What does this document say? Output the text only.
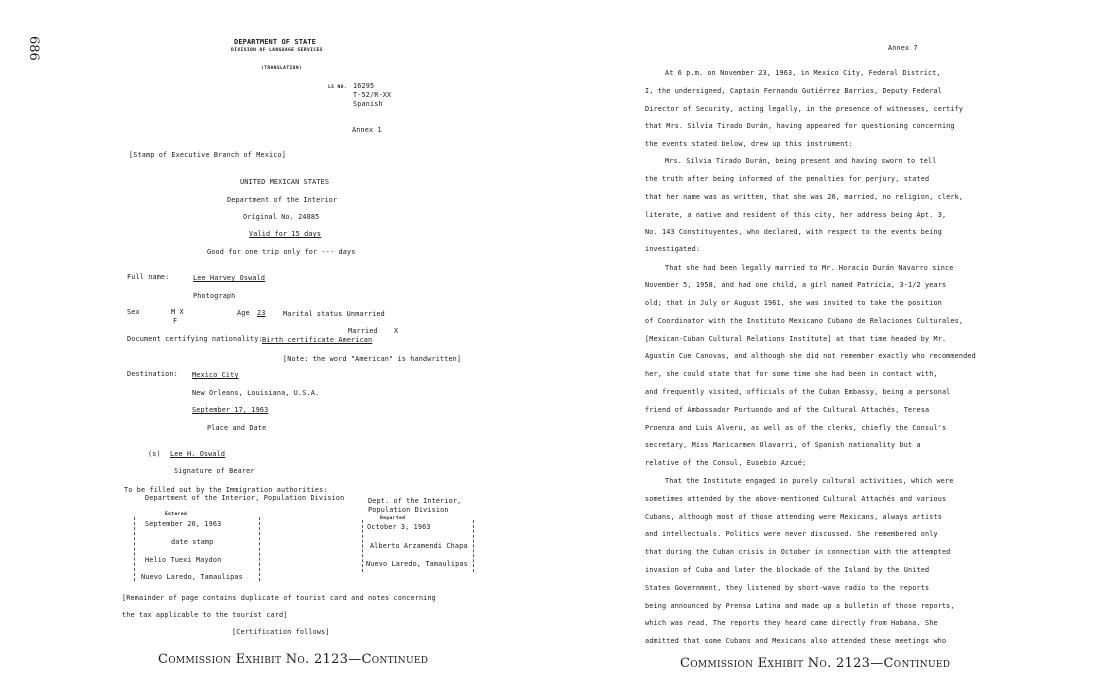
686	DEPARTMENT OF STATE
DIVISION OF LANGUAGE SERVICES
(TRANSLATION)
LS NO. 16295
T-52/R-XX
Spanish
Annex 1
[Stamp of Executive Branch of Mexico]
UNITED MEXICAN STATES
Department of the Interior
Original No. 24085
Valid for 15 days
Good for one trip only for --- days
Full name:	Lee Harvey Oswald
Photograph
Sex	M X
F
Age 23	Marital status Unmarried
Married X
Document certifying nationality: Birth certificate American
[Note: the word "American" is handwritten]
Destination: Mexico City
New Orleans, Louisiana, U.S.A.
September 17, 1963
Place and Date
(s) Lee H. Oswald
Signature of Bearer
To be filled out by the Immigration authorities:
Department of the Interior, Population Division
Entered
September 26, 1963
date stamp
Helio Tuexi Maydon
Nuevo Laredo, Tamaulipas
Dept. of the Interior,
Population Division
Departed
October 3, 1963
Alberto Arzamendi Chapa
Nuevo Laredo, Tamaulipas
[Remainder of page contains duplicate of tourist card and notes concerning
the tax applicable to the tourist card]
[Certification follows]
Commission Exhibit No. 2123—Continued
Annex 7

At 6 p.m. on November 23, 1963, in Mexico City, Federal District,

I, the undersigned, Captain Fernando Gutiérrez Barrios, Deputy Federal

Director of Security, acting legally, in the presence of witnesses, certify

that Mrs. Silvia Tirado Durán, having appeared for questioning concerning

the events stated below, drew up this instrument:

Mrs. Silvia Tirado Durán, being present and having sworn to tell

the truth after being informed of the penalties for perjury, stated

that her name was as written, that she was 26, married, no religion, clerk,

literate, a native and resident of this city, her address being Apt. 3,

No. 143 Constituyentes, who declared, with respect to the events being

investigated:

That she had been legally married to Mr. Horacio Durán Navarro since

November 5, 1958, and had one child, a girl named Patricia, 3-1/2 years

old; that in July or August 1961, she was invited to take the position

of Coordinator with the Instituto Mexicano Cubano de Relaciones Culturales,

[Mexican-Cuban Cultural Relations Institute] at that time headed by Mr.

Agustín Cue Canovas, and although she did not remember exactly who recommended

her, she could state that for some time she had been in contact with,

and frequently visited, officials of the Cuban Embassy, being a personal

friend of Ambassador Portuondo and of the Cultural Attachés, Teresa

Proenza and Luis Alveru, as well as of the clerks, chiefly the Consul's

secretary, Miss Maricarmen Olavarri, of Spanish nationality but a

relative of the Consul, Eusebio Azcué;

That the Institute engaged in purely cultural activities, which were

sometimes attended by the above-mentioned Cultural Attachés and various

Cubans, although most of those attending were Mexicans, always artists

and intellectuals. Politics were never discussed. She remembered only

that during the Cuban crisis in October in connection with the attempted

invasion of Cuba and later the blockade of the Island by the United

States Government, they listened by short-wave radio to the reports

being announced by Prensa Latina and made up a bulletin of those reports,

which was read. The reports they heard came directly from Habana. She

admitted that some Cubans and Mexicans also attended these meetings who

Commission Exhibit No. 2123—Continued
